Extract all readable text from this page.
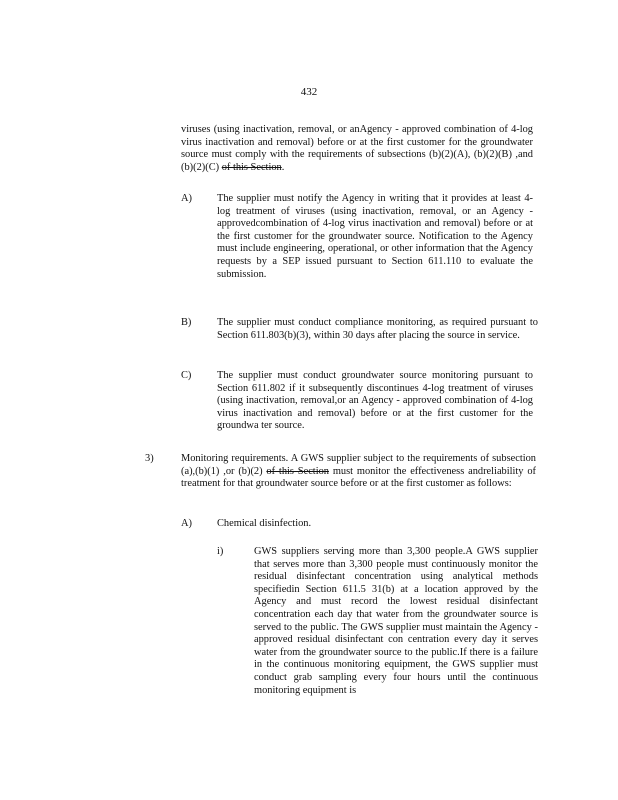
432
viruses (using inactivation, removal, or anAgency - approved combination of 4-log virus inactivation and removal) before or at the first customer for the groundwater source must comply with the requirements of subsections (b)(2)(A), (b)(2)(B) ,and (b)(2)(C) of this Section.
A) The supplier must notify the Agency in writing that it provides at least 4-log treatment of viruses (using inactivation, removal, or an Agency -approvedcombination of 4-log virus inactivation and removal) before or at the first customer for the groundwater source. Notification to the Agency must include engineering, operational, or other information that the Agency requests by a SEP issued pursuant to Section 611.110 to evaluate the submission.
B) The supplier must conduct compliance monitoring, as required pursuant to Section 611.803(b)(3), within 30 days after placing the source in service.
C) The supplier must conduct groundwater source monitoring pursuant to Section 611.802 if it subsequently discontinues 4-log treatment of viruses (using inactivation, removal,or an Agency - approved combination of 4-log virus inactivation and removal) before or at the first customer for the groundwa ter source.
3)	Monitoring requirements. A GWS supplier subject to the requirements of subsection (a),(b)(1) ,or (b)(2) of this Section must monitor the effectiveness andreliability of treatment for that groundwater source before or at the first customer as follows:
A) Chemical disinfection.
i)	GWS suppliers serving more than 3,300 people.A GWS supplier that serves more than 3,300 people must continuously monitor the residual disinfectant concentration using analytical methods specifiedin Section 611.5 31(b) at a location approved by the Agency and must record the lowest residual disinfectant concentration each day that water from the groundwater source is served to the public. The GWS supplier must maintain the Agency - approved residual disinfectant con centration every day it serves water from the groundwater source to the public.If there is a failure in the continuous monitoring equipment, the GWS supplier must conduct grab sampling every four hours until the continuous monitoring equipment is
